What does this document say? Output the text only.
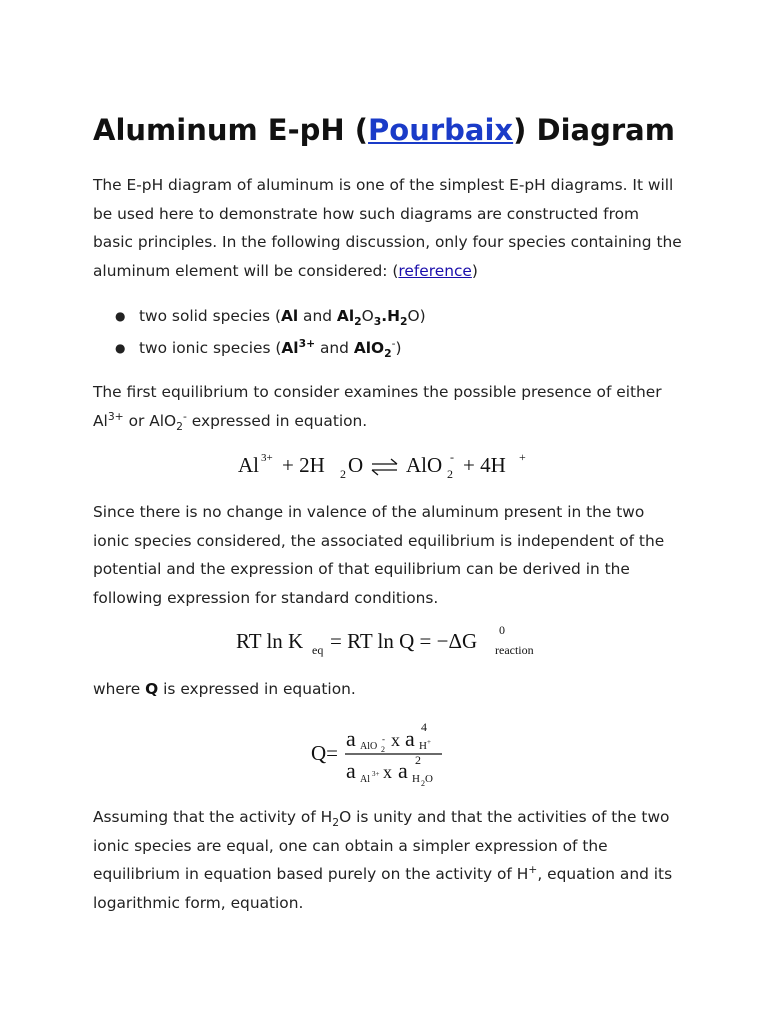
Aluminum E-pH (Pourbaix) Diagram

The E-pH diagram of aluminum is one of the simplest E-pH diagrams. It will be used here to demonstrate how such diagrams are constructed from basic principles. In the following discussion, only four species containing the aluminum element will be considered: (reference)

● two solid species (Al and $Al_2O_3.H_2O$)
● two ionic species ($Al^{3+}$ and AlO$_2$-)

The first equilibrium to consider examines the possible presence of either $Al^{3+}$ or AlO$_2$- expressed in equation.

Al 3+ + 2H 2 O AlO 2
- + 4H +

Since there is no change in valence of the aluminum present in the two ionic species considered, the associated equilibrium is independent of the potential and the expression of that equilibrium can be derived in the following expression for standard conditions.

RT ln K eq = RT ln Q = −ΔG 0
reaction

where Q is expressed in equation.

Q=
a AlO 2
- x a H +
4
a Al 3+ x a 2
H 2 O

Assuming that the activity of $H_2O$ is unity and that the activities of the two ionic species are equal, one can obtain a simpler expression of the equilibrium in equation based purely on the activity of H+, equation and its logarithmic form, equation.
